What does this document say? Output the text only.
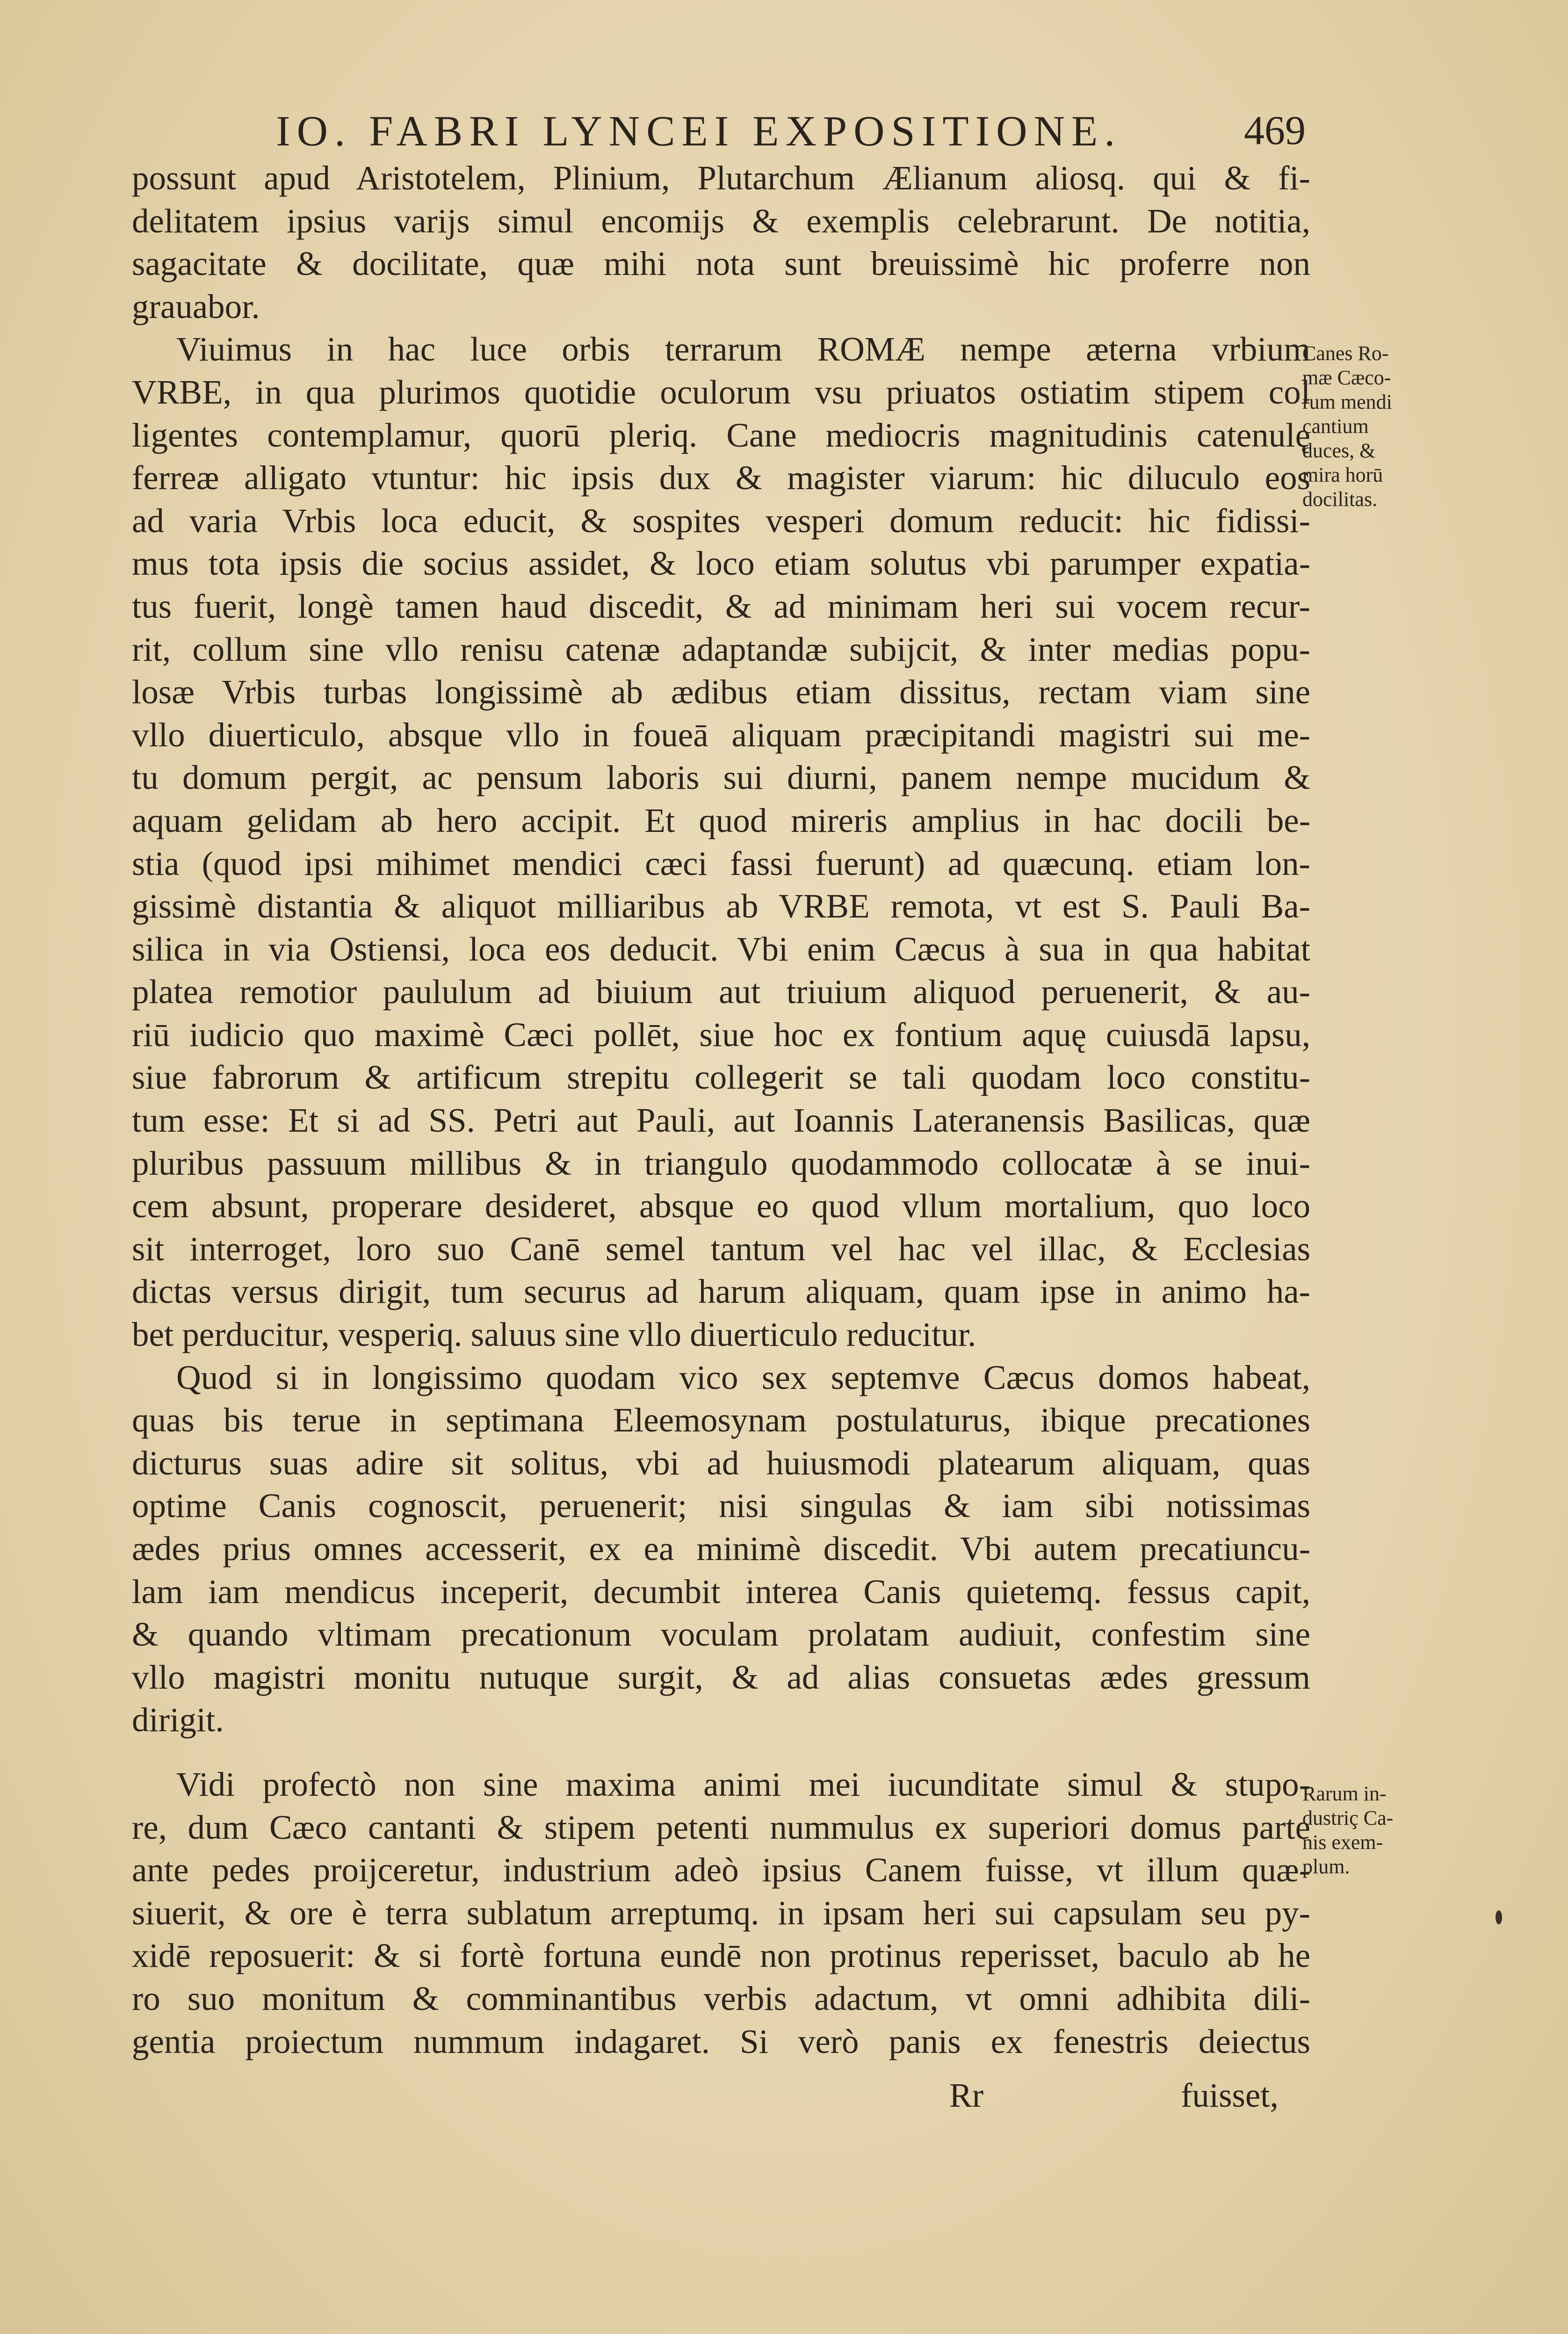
IO. FABRI LYNCEI EXPOSITIONE.	469
possunt apud Aristotelem, Plinium, Plutarchum Ælianum aliosq. qui & fi-
delitatem ipsius varijs simul encomijs & exemplis celebrarunt. De notitia,
sagacitate & docilitate, quæ mihi nota sunt breuissimè hic proferre non
grauabor.
Viuimus in hac luce orbis terrarum ROMÆ nempe æterna vrbium
VRBE, in qua plurimos quotidie oculorum vsu priuatos ostiatim stipem col
ligentes contemplamur, quorū pleriq. Cane mediocris magnitudinis catenulę
ferreæ alligato vtuntur: hic ipsis dux & magister viarum: hic diluculo eos
ad varia Vrbis loca educit, & sospites vesperi domum reducit: hic fidissi-
mus tota ipsis die socius assidet, & loco etiam solutus vbi parumper expatia-
tus fuerit, longè tamen haud discedit, & ad minimam heri sui vocem recur-
rit, collum sine vllo renisu catenæ adaptandæ subijcit, & inter medias popu-
losæ Vrbis turbas longissimè ab ædibus etiam dissitus, rectam viam sine
vllo diuerticulo, absque vllo in foueā aliquam præcipitandi magistri sui me-
tu domum pergit, ac pensum laboris sui diurni, panem nempe mucidum &
aquam gelidam ab hero accipit. Et quod mireris amplius in hac docili be-
stia (quod ipsi mihimet mendici cæci fassi fuerunt) ad quæcunq. etiam lon-
gissimè distantia & aliquot milliaribus ab VRBE remota, vt est S. Pauli Ba-
silica in via Ostiensi, loca eos deducit. Vbi enim Cæcus à sua in qua habitat
platea remotior paululum ad biuium aut triuium aliquod peruenerit, & au-
riū iudicio quo maximè Cæci pollēt, siue hoc ex fontium aquę cuiusdā lapsu,
siue fabrorum & artificum strepitu collegerit se tali quodam loco constitu-
tum esse: Et si ad SS. Petri aut Pauli, aut Ioannis Lateranensis Basilicas, quæ
pluribus passuum millibus & in triangulo quodammodo collocatæ à se inui-
cem absunt, properare desideret, absque eo quod vllum mortalium, quo loco
sit interroget, loro suo Canē semel tantum vel hac vel illac, & Ecclesias
dictas versus dirigit, tum securus ad harum aliquam, quam ipse in animo ha-
bet perducitur, vesperiq. saluus sine vllo diuerticulo reducitur.
Quod si in longissimo quodam vico sex septemve Cæcus domos habeat,
quas bis terue in septimana Eleemosynam postulaturus, ibique precationes
dicturus suas adire sit solitus, vbi ad huiusmodi platearum aliquam, quas
optime Canis cognoscit, peruenerit; nisi singulas & iam sibi notissimas
ædes prius omnes accesserit, ex ea minimè discedit. Vbi autem precatiuncu-
lam iam mendicus inceperit, decumbit interea Canis quietemq. fessus capit,
& quando vltimam precationum voculam prolatam audiuit, confestim sine
vllo magistri monitu nutuque surgit, & ad alias consuetas ædes gressum
dirigit.
Vidi profectò non sine maxima animi mei iucunditate simul & stupo-
re, dum Cæco cantanti & stipem petenti nummulus ex superiori domus parte
ante pedes proijceretur, industrium adeò ipsius Canem fuisse, vt illum quæ-
siuerit, & ore è terra sublatum arreptumq. in ipsam heri sui capsulam seu py-
xidē reposuerit: & si fortè fortuna eundē non protinus reperisset, baculo ab he
ro suo monitum & comminantibus verbis adactum, vt omni adhibita dili-
gentia proiectum nummum indagaret. Si verò panis ex fenestris deiectus
Canes Ro-
mæ Cæco-
rum mendi
cantium
duces, &
mira horū
docilitas.
Rarum in-
dustriç Ca-
nis exem-
plum.
Rr	fuisset,
